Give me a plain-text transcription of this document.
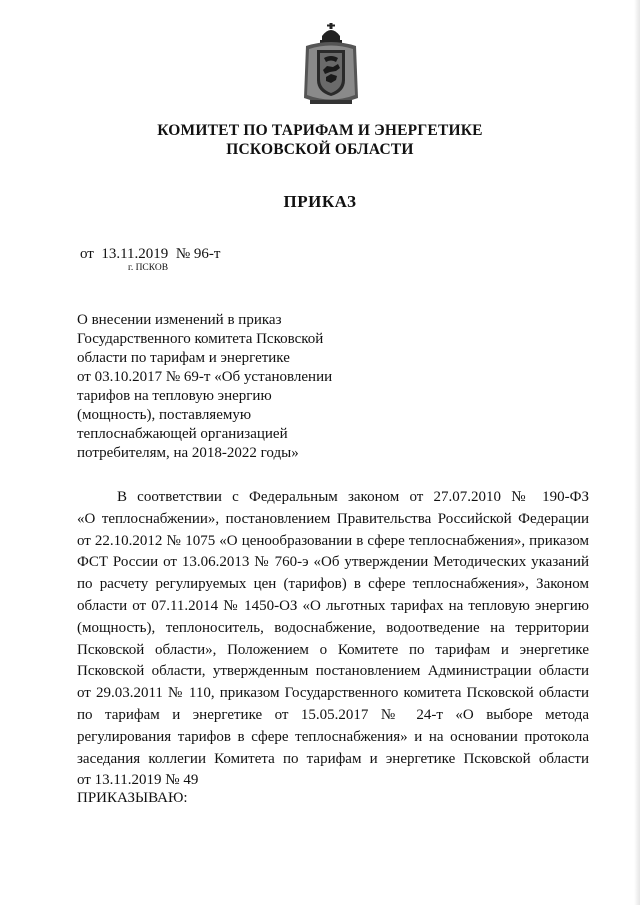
КОМИТЕТ ПО ТАРИФАМ И ЭНЕРГЕТИКЕ
ПСКОВСКОЙ ОБЛАСТИ
ПРИКАЗ
от 13.11.2019 № 96-т
г. ПСКОВ
О внесении изменений в приказ
Государственного комитета Псковской
области по тарифам и энергетике
от 03.10.2017 № 69-т «Об установлении
тарифов на тепловую энергию
(мощность), поставляемую
теплоснабжающей организацией
потребителям, на 2018-2022 годы»
В соответствии с Федеральным законом от 27.07.2010 № 190-ФЗ
«О теплоснабжении», постановлением Правительства Российской Федерации
от 22.10.2012 № 1075 «О ценообразовании в сфере теплоснабжения», приказом
ФСТ России от 13.06.2013 № 760-э «Об утверждении Методических указаний
по расчету регулируемых цен (тарифов) в сфере теплоснабжения», Законом
области от 07.11.2014 № 1450-ОЗ «О льготных тарифах на тепловую энергию
(мощность), теплоноситель, водоснабжение, водоотведение на территории
Псковской области», Положением о Комитете по тарифам и энергетике
Псковской области, утвержденным постановлением Администрации области
от 29.03.2011 № 110, приказом Государственного комитета Псковской области
по тарифам и энергетике от 15.05.2017 № 24-т «О выборе метода
регулирования тарифов в сфере теплоснабжения» и на основании протокола
заседания коллегии Комитета по тарифам и энергетике Псковской области
от 13.11.2019 № 49
ПРИКАЗЫВАЮ:
